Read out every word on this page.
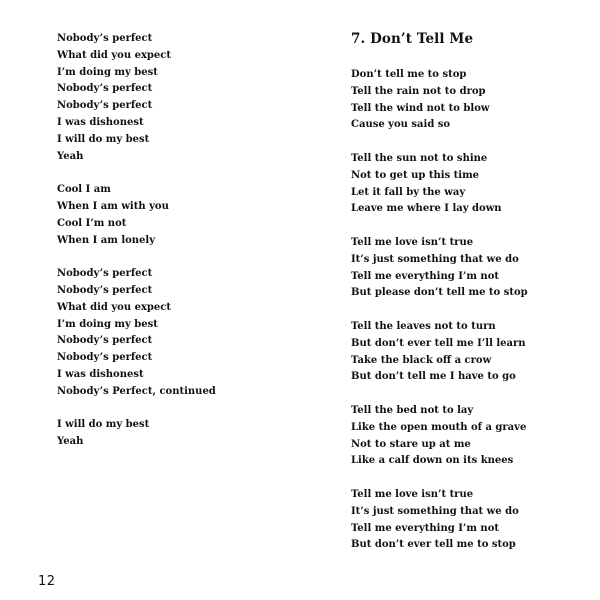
Nobody’s perfect
What did you expect
I’m doing my best
Nobody’s perfect
Nobody’s perfect
I was dishonest
I will do my best
Yeah
Cool I am
When I am with you
Cool I’m not
When I am lonely
Nobody’s perfect
Nobody’s perfect
What did you expect
I’m doing my best
Nobody’s perfect
Nobody’s perfect
I was dishonest
Nobody’s Perfect, continued
I will do my best
Yeah
7. Don’t Tell Me
Don’t tell me to stop
Tell the rain not to drop
Tell the wind not to blow
Cause you said so
Tell the sun not to shine
Not to get up this time
Let it fall by the way
Leave me where I lay down
Tell me love isn’t true
It’s just something that we do
Tell me everything I’m not
But please don’t tell me to stop
Tell the leaves not to turn
But don’t ever tell me I’ll learn
Take the black off a crow
But don’t tell me I have to go
Tell the bed not to lay
Like the open mouth of a grave
Not to stare up at me
Like a calf down on its knees
Tell me love isn’t true
It’s just something that we do
Tell me everything I’m not
But don’t ever tell me to stop
12
